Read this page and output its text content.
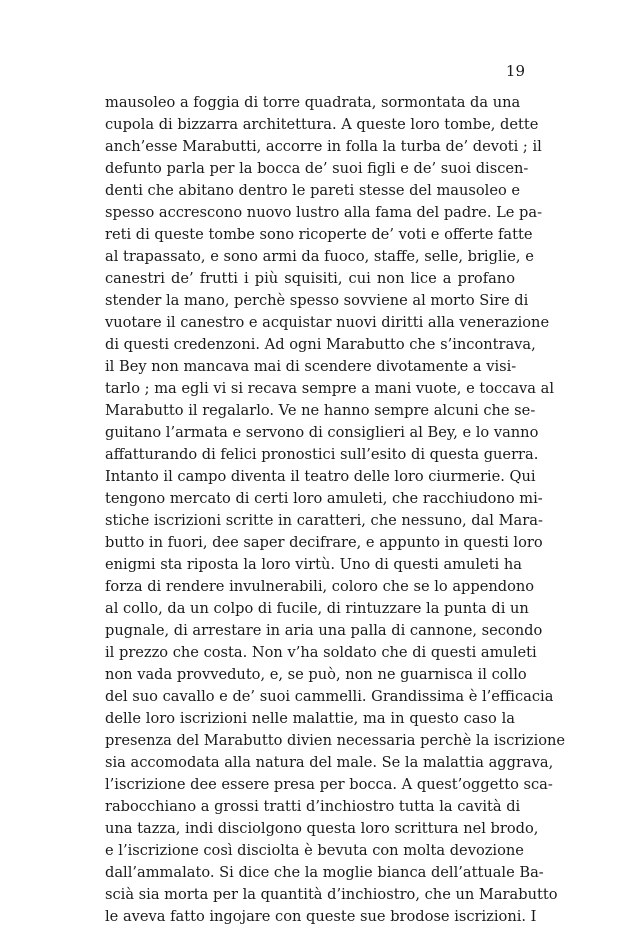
19
mausoleo a foggia di torre quadrata, sormontata da una
cupola di bizzarra architettura. A queste loro tombe, dette
anch’esse Marabutti, accorre in folla la turba de’ devoti ; il
defunto parla per la bocca de’ suoi figli e de’ suoi discen-
denti che abitano dentro le pareti stesse del mausoleo e
spesso accrescono nuovo lustro alla fama del padre. Le pa-
reti di queste tombe sono ricoperte de’ voti e offerte fatte
al trapassato, e sono armi da fuoco, staffe, selle, briglie, e
canestri de’ frutti i più squisiti, cui non lice a profano
stender la mano, perchè spesso sovviene al morto Sire di
vuotare il canestro e acquistar nuovi diritti alla venerazione
di questi credenzoni. Ad ogni Marabutto che s’incontrava,
il Bey non mancava mai di scendere divotamente a visi-
tarlo ; ma egli vi si recava sempre a mani vuote, e toccava al
Marabutto il regalarlo. Ve ne hanno sempre alcuni che se-
guitano l’armata e servono di consiglieri al Bey, e lo vanno
affatturando di felici pronostici sull’esito di questa guerra.
Intanto il campo diventa il teatro delle loro ciurmerie. Qui
tengono mercato di certi loro amuleti, che racchiudono mi-
stiche iscrizioni scritte in caratteri, che nessuno, dal Mara-
butto in fuori, dee saper decifrare, e appunto in questi loro
enigmi sta riposta la loro virtù. Uno di questi amuleti ha
forza di rendere invulnerabili, coloro che se lo appendono
al collo, da un colpo di fucile, di rintuzzare la punta di un
pugnale, di arrestare in aria una palla di cannone, secondo
il prezzo che costa. Non v’ha soldato che di questi amuleti
non vada provveduto, e, se può, non ne guarnisca il collo
del suo cavallo e de’ suoi cammelli. Grandissima è l’efficacia
delle loro iscrizioni nelle malattie, ma in questo caso la
presenza del Marabutto divien necessaria perchè la iscrizione
sia accomodata alla natura del male. Se la malattia aggrava,
l’iscrizione dee essere presa per bocca. A quest’oggetto sca-
rabocchiano a grossi tratti d’inchiostro tutta la cavità di
una tazza, indi disciolgono questa loro scrittura nel brodo,
e l’iscrizione così disciolta è bevuta con molta devozione
dall’ammalato. Si dice che la moglie bianca dell’attuale Ba-
scià sia morta per la quantità d’inchiostro, che un Marabutto
le aveva fatto ingojare con queste sue brodose iscrizioni. I
